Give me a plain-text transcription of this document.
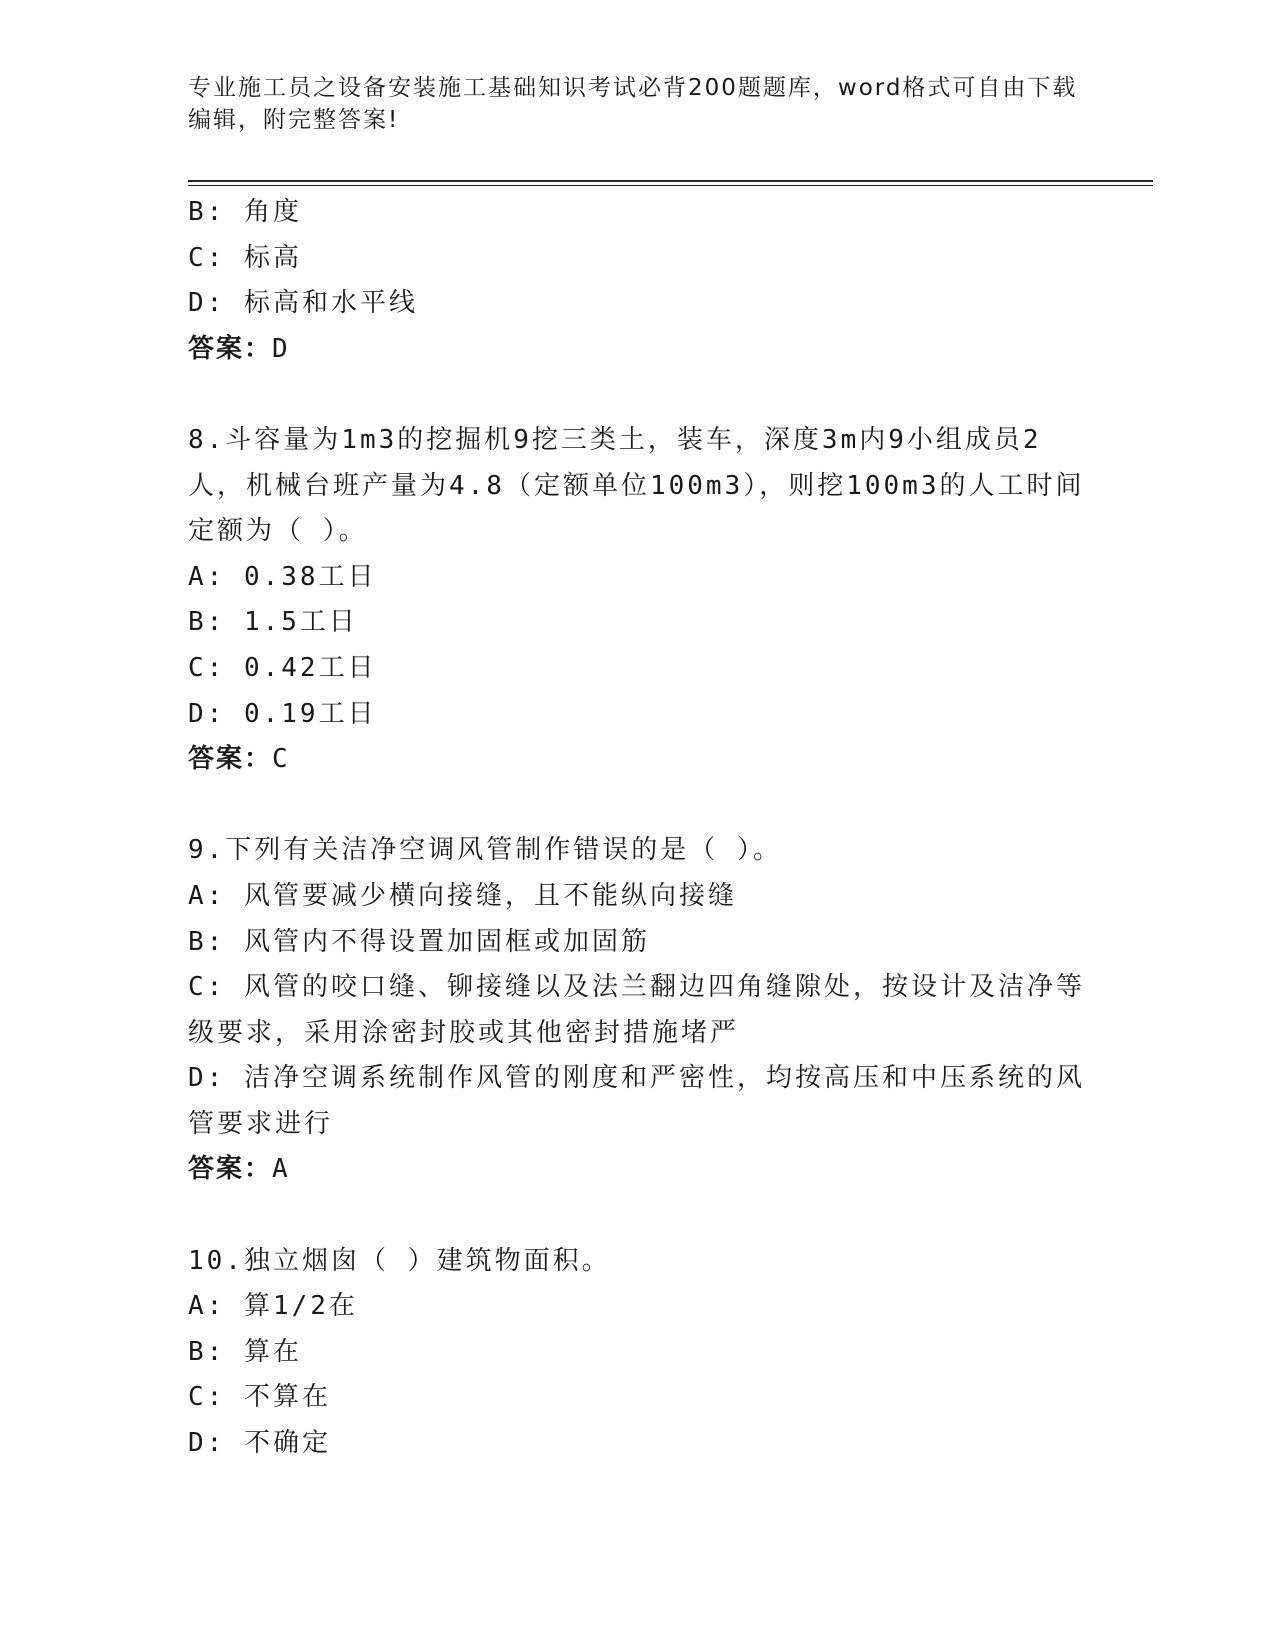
专业施工员之设备安装施工基础知识考试必背200题题库，word格式可自由下载
编辑，附完整答案!
B: 角度
C: 标高
D: 标高和水平线
答案：D
8.斗容量为1m3的挖掘机9挖三类土，装车，深度3m内9小组成员2
人，机械台班产量为4.8（定额单位100m3），则挖100m3的人工时间
定额为（ ）。
A: 0.38工日
B: 1.5工日
C: 0.42工日
D: 0.19工日
答案：C
9.下列有关洁净空调风管制作错误的是（ ）。
A: 风管要减少横向接缝，且不能纵向接缝
B: 风管内不得设置加固框或加固筋
C: 风管的咬口缝、铆接缝以及法兰翻边四角缝隙处，按设计及洁净等
级要求，采用涂密封胶或其他密封措施堵严
D: 洁净空调系统制作风管的刚度和严密性，均按高压和中压系统的风
管要求进行
答案：A
10.独立烟囱（ ）建筑物面积。
A: 算1/2在
B: 算在
C: 不算在
D: 不确定
